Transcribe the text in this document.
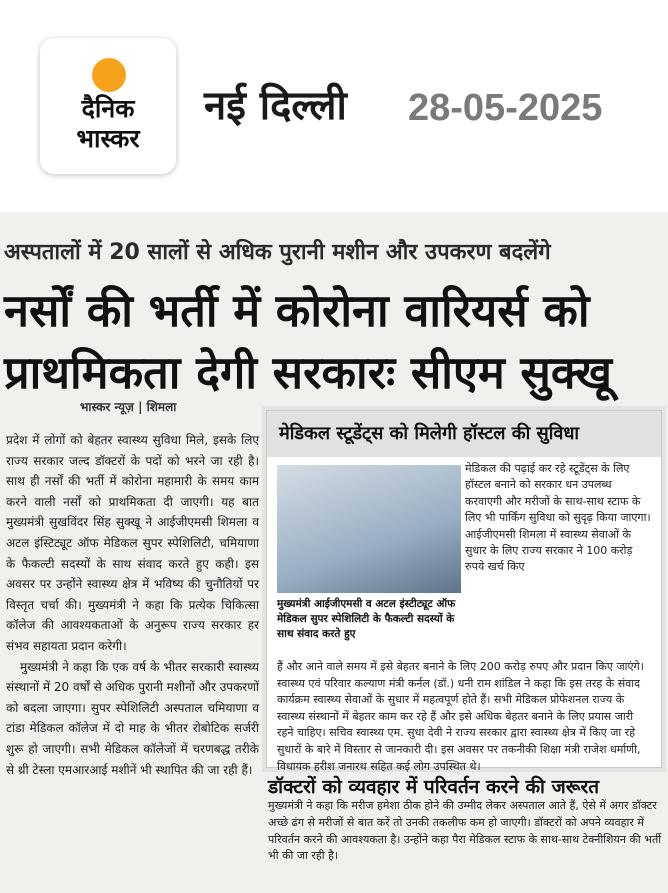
दैनिक
भास्कर
नई दिल्ली 28-05-2025
अस्पतालों में 20 सालों से अधिक पुरानी मशीन और उपकरण बदलेंगे
नर्सों की भर्ती में कोरोना वारियर्स को
प्राथमिकता देगी सरकारः सीएम सुक्खू
भास्कर न्यूज़ | शिमला

प्रदेश में लोगों को बेहतर स्वास्थ्य सुविधा मिले, इसके लिए राज्य सरकार जल्द डॉक्टरों के पदों को भरने जा रही है। साथ ही नर्सों की भर्ती में कोरोना महामारी के समय काम करने वाली नर्सों को प्राथमिकता दी जाएगी। यह बात मुख्यमंत्री सुखविंदर सिंह सुक्खू ने आईजीएमसी शिमला व अटल इंस्टिट्यूट ऑफ मेडिकल सुपर स्पेशिलिटी, चमियाणा के फैकल्टी सदस्यों के साथ संवाद करते हुए कही। इस अवसर पर उन्होंने स्वास्थ्य क्षेत्र में भविष्य की चुनौतियों पर विस्तृत चर्चा की। मुख्यमंत्री ने कहा कि प्रत्येक चिकित्सा कॉलेज की आवश्यकताओं के अनुरूप राज्य सरकार हर संभव सहायता प्रदान करेगी।

मुख्यमंत्री ने कहा कि एक वर्ष के भीतर सरकारी स्वास्थ्य संस्थानों में 20 वर्षों से अधिक पुरानी मशीनों और उपकरणों को बदला जाएगा। सुपर स्पेशिलिटी अस्पताल चमियाणा व टांडा मेडिकल कॉलेज में दो माह के भीतर रोबोटिक सर्जरी शुरू हो जाएगी। सभी मेडिकल कॉलेजों में चरणबद्ध तरीके से थ्री टेस्ला एमआरआई मशीनें भी स्थापित की जा रही हैं।

मेडिकल स्टूडेंट्स को मिलेगी हॉस्टल की सुविधा
मुख्यमंत्री आईजीएमसी व अटल इंस्टीट्यूट ऑफ मेडिकल सुपर स्पेशिलिटी के फैकल्टी सदस्यों के साथ संवाद करते हुए
मेडिकल की पढ़ाई कर रहे स्टूडेंट्स के लिए हॉस्टल बनाने को सरकार धन उपलब्ध करवाएगी और मरीजों के साथ-साथ स्टाफ के लिए भी पार्किंग सुविधा को सुदृढ़ किया जाएगा। आईजीएमसी शिमला में स्वास्थ्य सेवाओं के सुधार के लिए राज्य सरकार ने 100 करोड़ रुपये खर्च किए
हैं और आने वाले समय में इसे बेहतर बनाने के लिए 200 करोड़ रुपए और प्रदान किए जाएंगे। स्वास्थ्य एवं परिवार कल्याण मंत्री कर्नल (डॉ.) धनी राम शांडिल ने कहा कि इस तरह के संवाद कार्यक्रम स्वास्थ्य सेवाओं के सुधार में महत्वपूर्ण होते हैं। सभी मेडिकल प्रोफेशनल राज्य के स्वास्थ्य संस्थानों में बेहतर काम कर रहे हैं और इसे अधिक बेहतर बनाने के लिए प्रयास जारी रहने चाहिए। सचिव स्वास्थ्य एम. सुधा देवी ने राज्य सरकार द्वारा स्वास्थ्य क्षेत्र में किए जा रहे सुधारों के बारे में विस्तार से जानकारी दी। इस अवसर पर तकनीकी शिक्षा मंत्री राजेश धर्माणी, विधायक हरीश जनारथ सहित कई लोग उपस्थित थे।
डॉक्टरों को व्यवहार में परिवर्तन करने की जरूरत
मुख्यमंत्री ने कहा कि मरीज हमेशा ठीक होने की उम्मीद लेकर अस्पताल आते हैं, ऐसे में अगर डॉक्टर अच्छे ढंग से मरीजों से बात करें तो उनकी तकलीफ कम हो जाएगी। डॉक्टरों को अपने व्यवहार में परिवर्तन करने की आवश्यकता है। उन्होंने कहा पैरा मेडिकल स्टाफ के साथ-साथ टेक्नीशियन की भर्ती भी की जा रही है।
